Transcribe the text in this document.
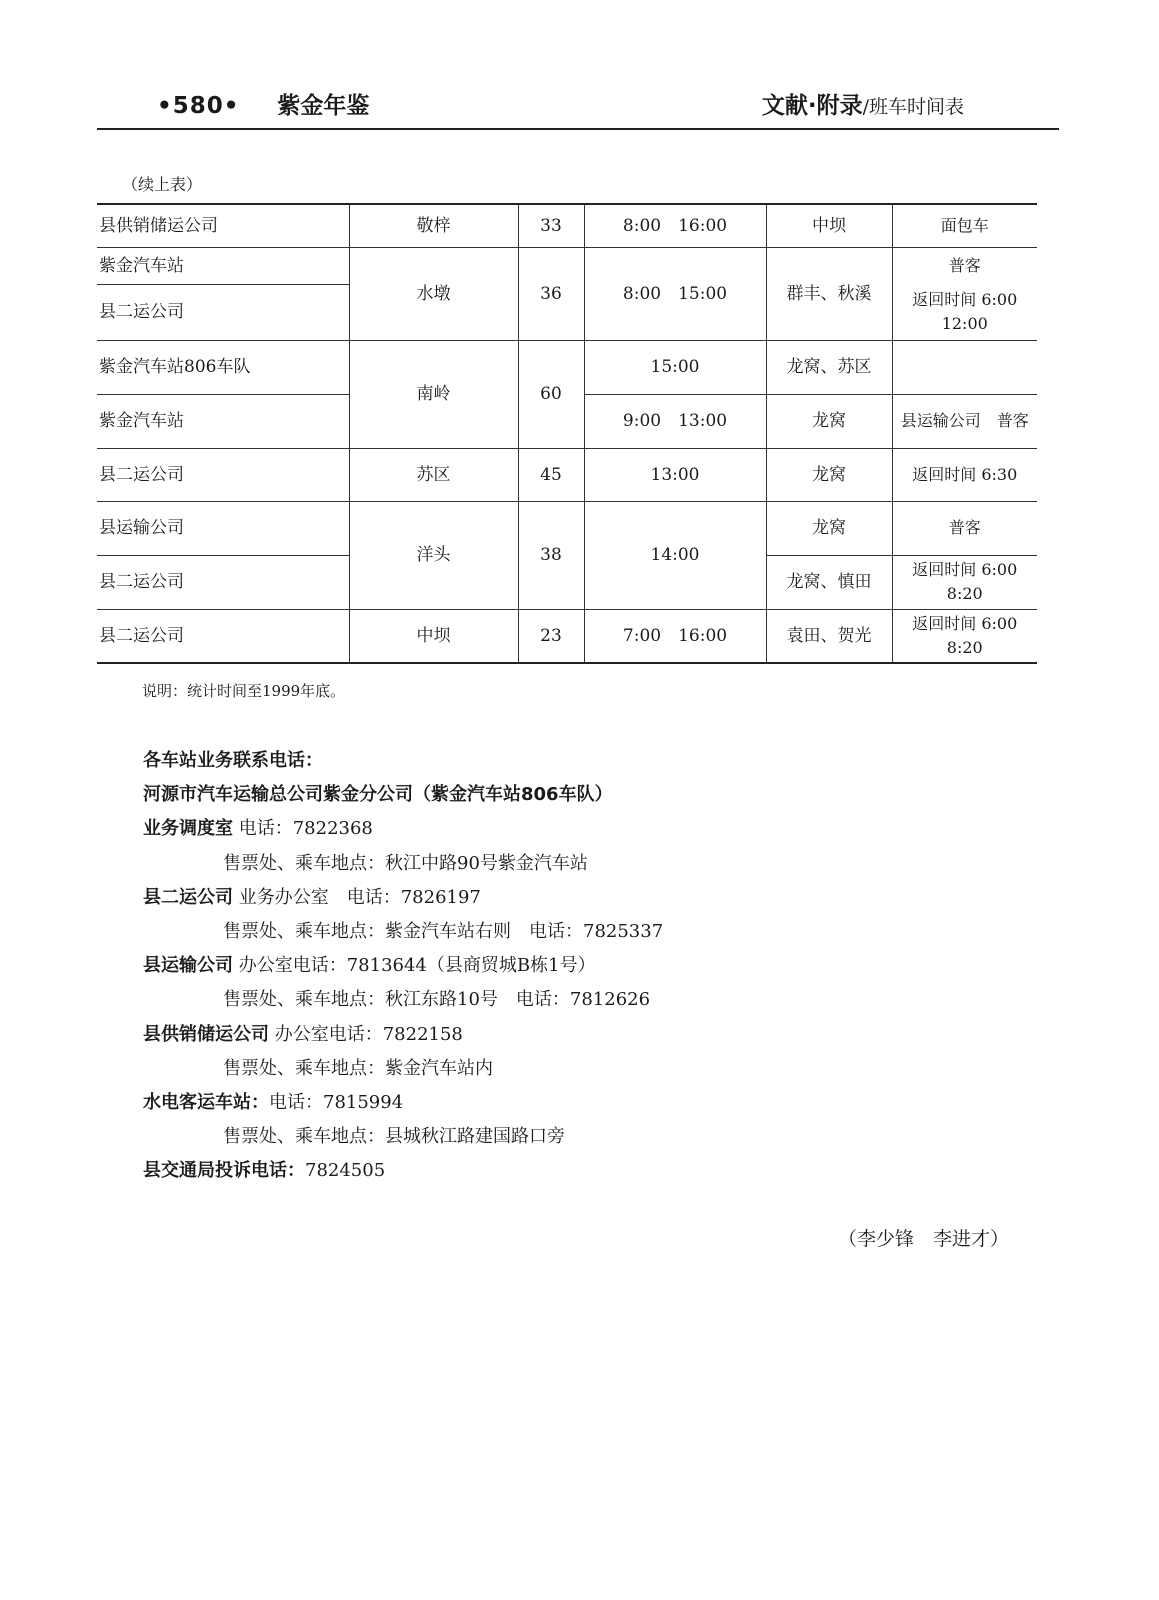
•580• 紫金年鉴	文献·附录/班车时间表
（续上表）
县供销储运公司	敬梓	33	8:00　16:00	中坝	面包车
紫金汽车站	水墩	36	8:00　15:00	群丰、秋溪	普客
县二运公司					返回时间 6:00　12:00
紫金汽车站806车队	南岭	60	15:00	龙窝、苏区	
紫金汽车站			9:00　13:00	龙窝	县运输公司　普客
县二运公司	苏区	45	13:00	龙窝	返回时间 6:30
县运输公司	洋头	38	14:00	龙窝	普客
县二运公司				龙窝、慎田	返回时间 6:00　8:20
县二运公司	中坝	23	7:00　16:00	袁田、贺光	返回时间 6:00　8:20
说明：统计时间至1999年底。
各车站业务联系电话：
河源市汽车运输总公司紫金分公司（紫金汽车站806车队）
业务调度室 电话：7822368
售票处、乘车地点：秋江中路90号紫金汽车站
县二运公司 业务办公室　电话：7826197
售票处、乘车地点：紫金汽车站右则　电话：7825337
县运输公司 办公室电话：7813644（县商贸城B栋1号）
售票处、乘车地点：秋江东路10号　电话：7812626
县供销储运公司 办公室电话：7822158
售票处、乘车地点：紫金汽车站内
水电客运车站：电话：7815994
售票处、乘车地点：县城秋江路建国路口旁
县交通局投诉电话：7824505
（李少锋　李进才）
